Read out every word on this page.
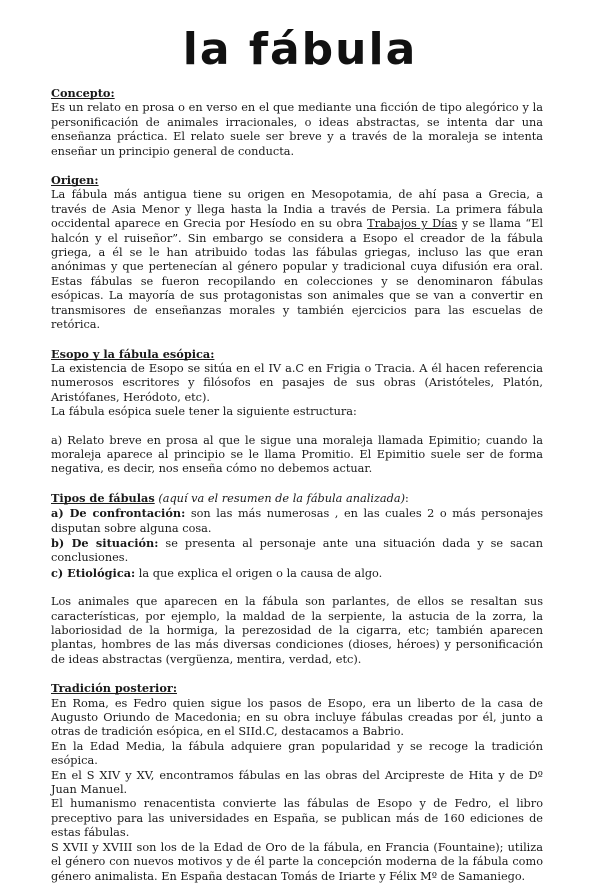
la fábula

Concepto:

Es un relato en prosa o en verso en el que mediante una ficción de tipo alegórico y la personificación de animales irracionales, o ideas abstractas, se intenta dar una enseñanza práctica. El relato suele ser breve y a través de la moraleja se intenta enseñar un principio general de conducta.

Origen:

La fábula más antigua tiene su origen en Mesopotamia, de ahí pasa a Grecia, a través de Asia Menor y llega hasta la India a través de Persia. La primera fábula occidental aparece en Grecia por Hesíodo en su obra Trabajos y Días y se llama “El halcón y el ruiseñor”. Sin embargo se considera a Esopo el creador de la fábula griega, a él se le han atribuido todas las fábulas griegas, incluso las que eran anónimas y que pertenecían al género popular y tradicional cuya difusión era oral. Estas fábulas se fueron recopilando en colecciones y se denominaron fábulas esópicas. La mayoría de sus protagonistas son animales que se van a convertir en transmisores de enseñanzas morales y también ejercicios para las escuelas de retórica.

Esopo y la fábula esópica:

La existencia de Esopo se sitúa en el IV a.C en Frigia o Tracia. A él hacen referencia numerosos escritores y filósofos en pasajes de sus obras (Aristóteles, Platón, Aristófanes, Heródoto, etc).

La fábula esópica suele tener la siguiente estructura:

a) Relato breve en prosa al que le sigue una moraleja llamada Epimitio; cuando la moraleja aparece al principio se le llama Promitio. El Epimitio suele ser de forma negativa, es decir, nos enseña cómo no debemos actuar.

Tipos de fábulas (aquí va el resumen de la fábula analizada):

a) De confrontación: son las más numerosas , en las cuales 2 o más personajes disputan sobre alguna cosa.

b) De situación: se presenta al personaje ante una situación dada y se sacan conclusiones.

c) Etiológica: la que explica el origen o la causa de algo.

Los animales que aparecen en la fábula son parlantes, de ellos se resaltan sus características, por ejemplo, la maldad de la serpiente, la astucia de la zorra, la laboriosidad de la hormiga, la perezosidad de la cigarra, etc; también aparecen plantas, hombres de las más diversas condiciones (dioses, héroes) y personificación de ideas abstractas (vergüenza, mentira, verdad, etc).

Tradición posterior:

En Roma, es Fedro quien sigue los pasos de Esopo, era un liberto de la casa de Augusto Oriundo de Macedonia; en su obra incluye fábulas creadas por él, junto a otras de tradición esópica, en el SIId.C, destacamos a Babrio.

En la Edad Media, la fábula adquiere gran popularidad y se recoge la tradición esópica.

En el S XIV y XV, encontramos fábulas en las obras del Arcipreste de Hita y de Dº Juan Manuel.

El humanismo renacentista convierte las fábulas de Esopo y de Fedro, el libro preceptivo para las universidades en España, se publican más de 160 ediciones de estas fábulas.

S XVII y XVIII son los de la Edad de Oro de la fábula, en Francia (Fountaine); utiliza el género con nuevos motivos y de él parte la concepción moderna de la fábula como género animalista. En España destacan Tomás de Iriarte y Félix Mº de Samaniego.
